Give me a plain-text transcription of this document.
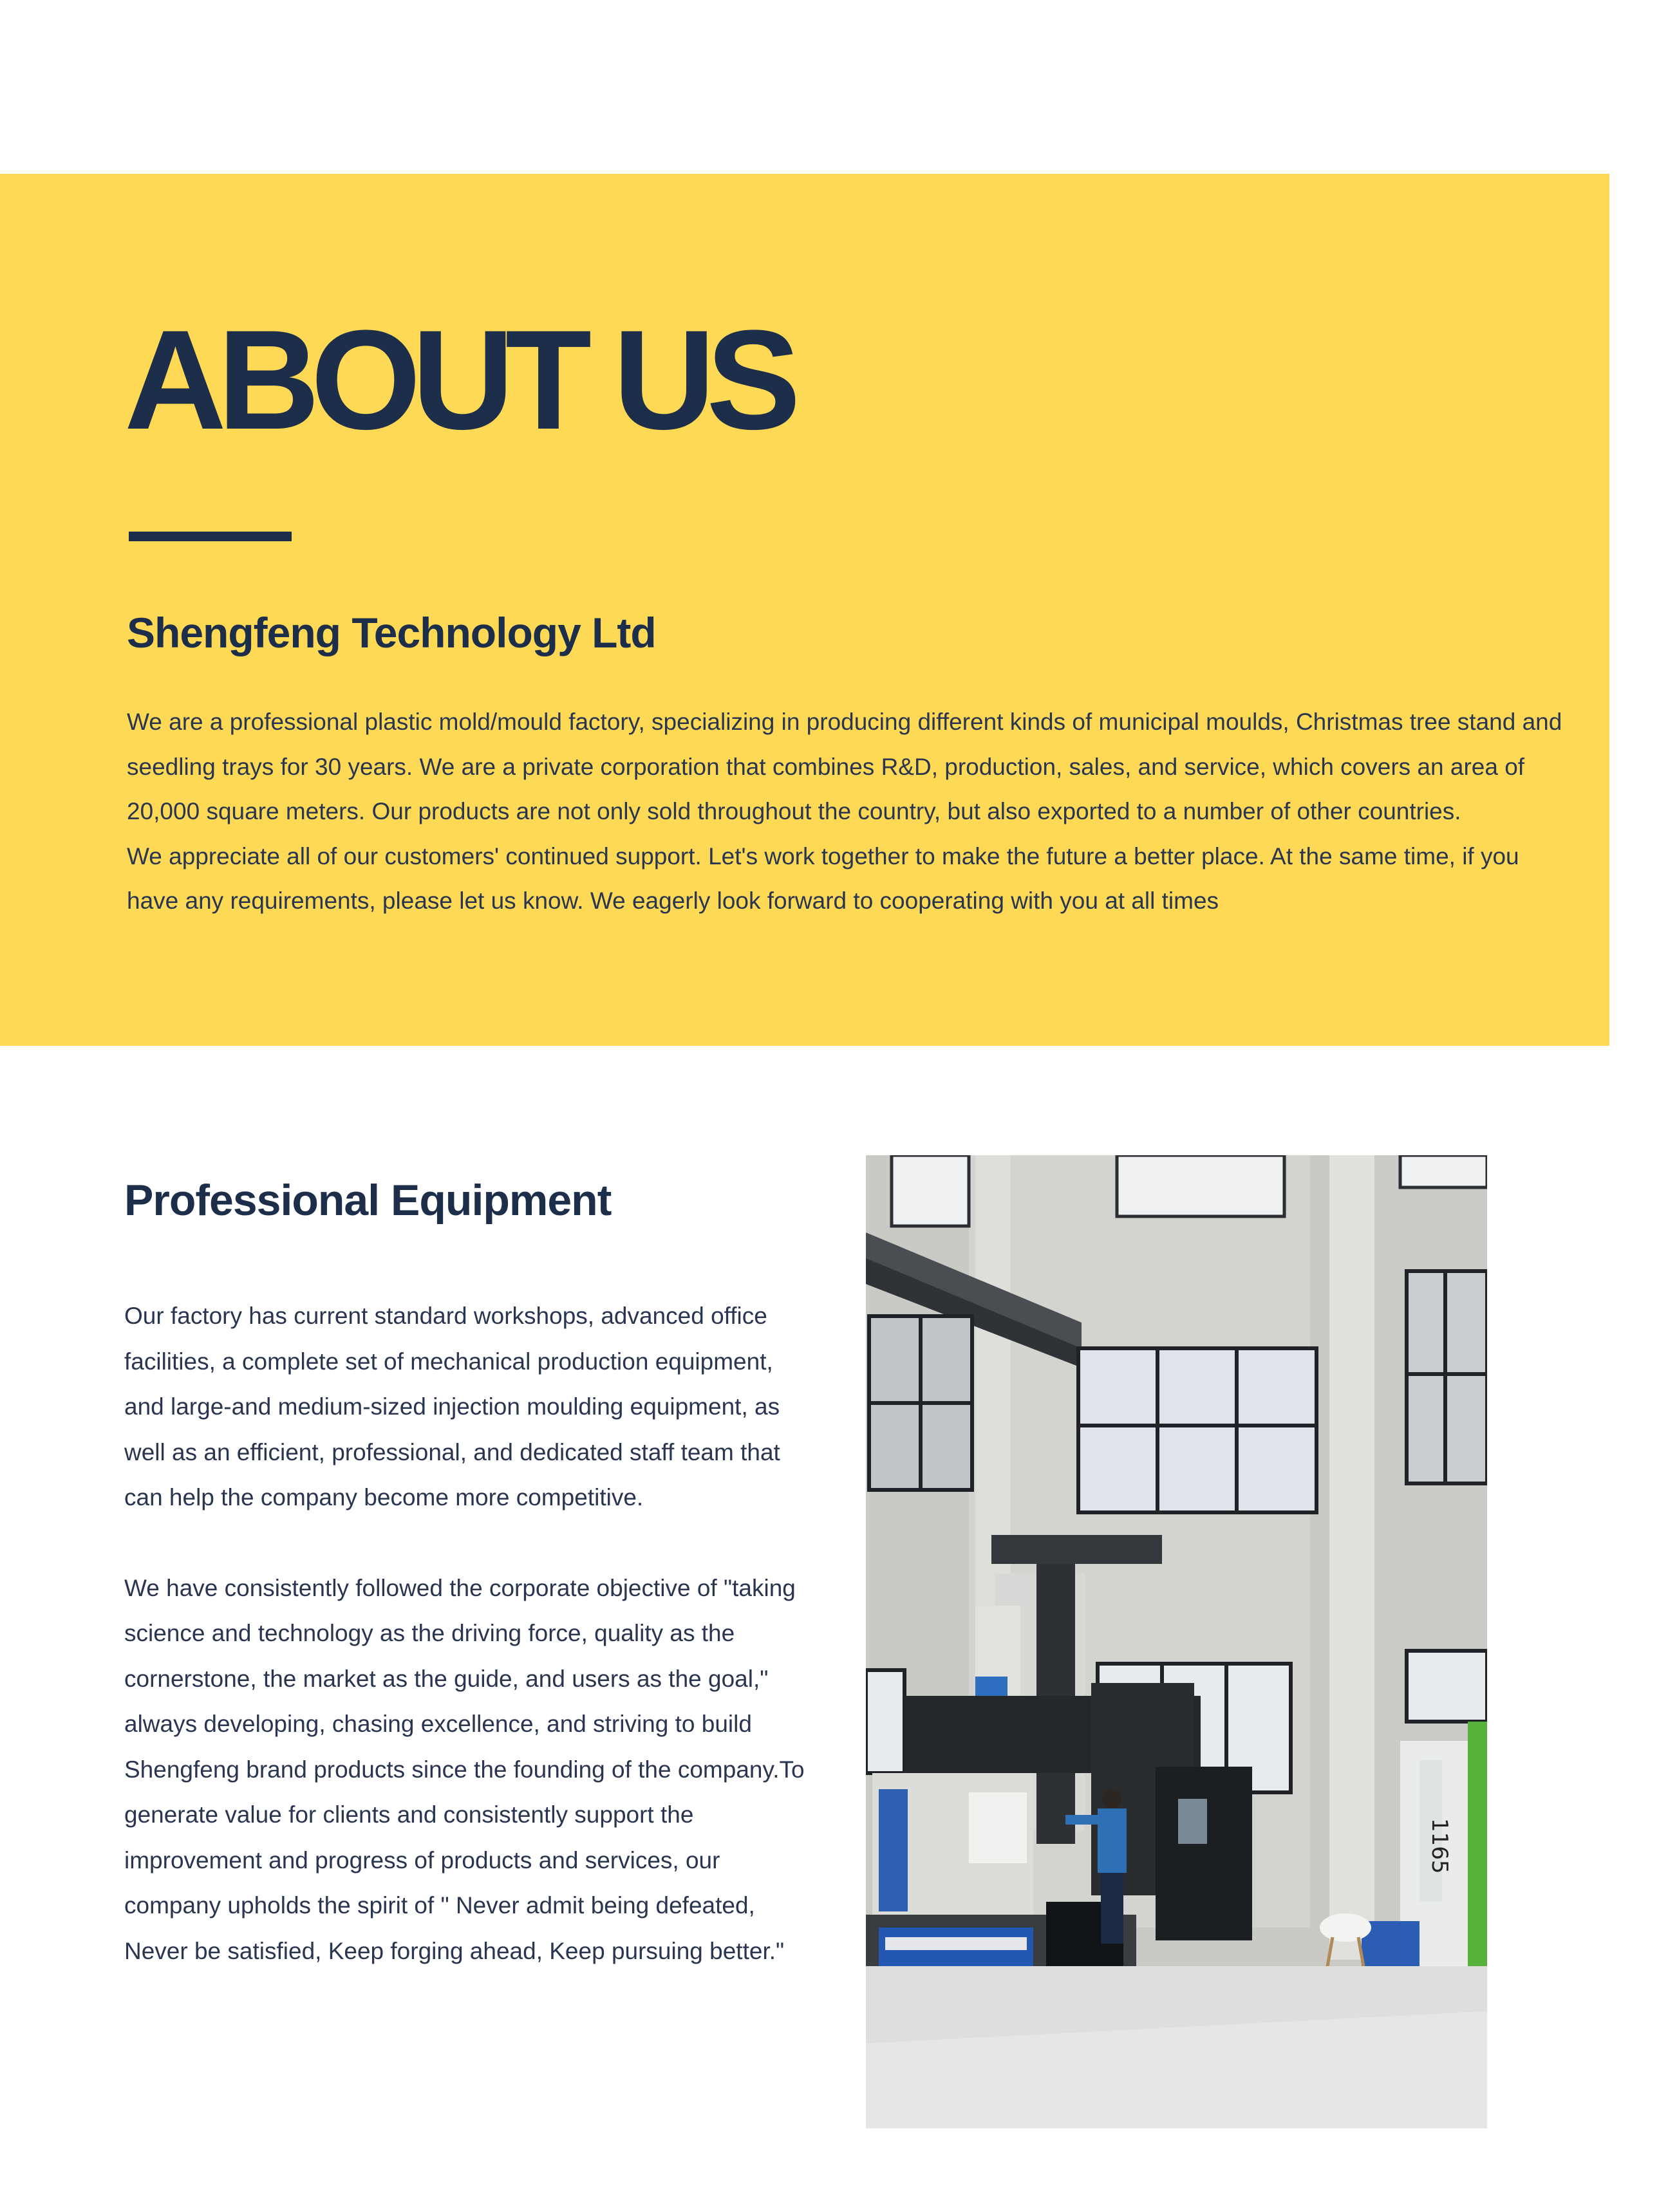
ABOUT US
Shengfeng Technology Ltd

We are a professional plastic mold/mould factory, specializing in producing different kinds of municipal moulds, Christmas tree stand and seedling trays for 30 years. We are a private corporation that combines R&D, production, sales, and service, which covers an area of 20,000 square meters. Our products are not only sold throughout the country, but also exported to a number of other countries.

We appreciate all of our customers' continued support. Let's work together to make the future a better place. At the same time, if you have any requirements, please let us know. We eagerly look forward to cooperating with you at all times

Professional Equipment

Our factory has current standard workshops, advanced office facilities, a complete set of mechanical production equipment, and large-and medium-sized injection moulding equipment, as well as an efficient, professional, and dedicated staff team that can help the company become more competitive.

We have consistently followed the corporate objective of "taking science and technology as the driving force, quality as the cornerstone, the market as the guide, and users as the goal," always developing, chasing excellence, and striving to build Shengfeng brand products since the founding of the company.To generate value for clients and consistently support the improvement and progress of products and services, our company upholds the spirit of " Never admit being defeated, Never be satisfied, Keep forging ahead, Keep pursuing better."

1165
